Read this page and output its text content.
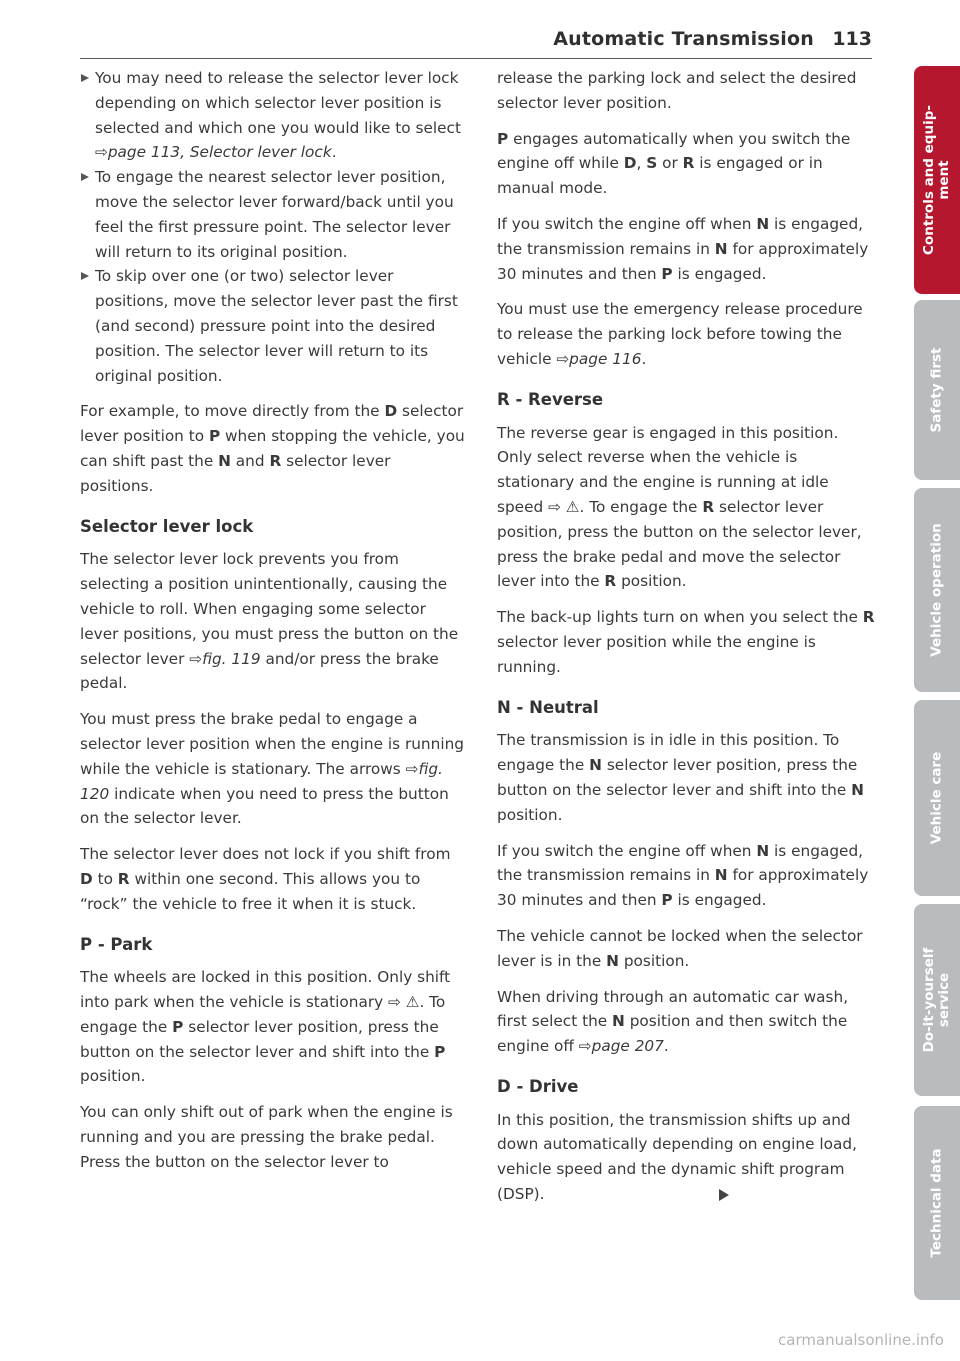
Automatic Transmission 113
You may need to release the selector lever lock depending on which selector lever position is selected and which one you would like to select ⇨page 113, Selector lever lock.
To engage the nearest selector lever position, move the selector lever forward/back until you feel the first pressure point. The selector lever will return to its original position.
To skip over one (or two) selector lever positions, move the selector lever past the first (and second) pressure point into the desired position. The selector lever will return to its original position.

For example, to move directly from the D selector lever position to P when stopping the vehicle, you can shift past the N and R selector lever positions.

Selector lever lock

The selector lever lock prevents you from selecting a position unintentionally, causing the vehicle to roll. When engaging some selector lever positions, you must press the button on the selector lever ⇨fig. 119 and/or press the brake pedal.

You must press the brake pedal to engage a selector lever position when the engine is running while the vehicle is stationary. The arrows ⇨fig. 120 indicate when you need to press the button on the selector lever.

The selector lever does not lock if you shift from D to R within one second. This allows you to “rock” the vehicle to free it when it is stuck.

P - Park

The wheels are locked in this position. Only shift into park when the vehicle is stationary ⇨ ⚠. To engage the P selector lever position, press the button on the selector lever and shift into the P position.

You can only shift out of park when the engine is running and you are pressing the brake pedal. Press the button on the selector lever to

release the parking lock and select the desired selector lever position.

P engages automatically when you switch the engine off while D, S or R is engaged or in manual mode.

If you switch the engine off when N is engaged, the transmission remains in N for approximately 30 minutes and then P is engaged.

You must use the emergency release procedure to release the parking lock before towing the vehicle ⇨page 116.

R - Reverse

The reverse gear is engaged in this position. Only select reverse when the vehicle is stationary and the engine is running at idle speed ⇨ ⚠. To engage the R selector lever position, press the button on the selector lever, press the brake pedal and move the selector lever into the R position.

The back-up lights turn on when you select the R selector lever position while the engine is running.

N - Neutral

The transmission is in idle in this position. To engage the N selector lever position, press the button on the selector lever and shift into the N position.

If you switch the engine off when N is engaged, the transmission remains in N for approximately 30 minutes and then P is engaged.

The vehicle cannot be locked when the selector lever is in the N position.

When driving through an automatic car wash, first select the N position and then switch the engine off ⇨page 207.

D - Drive

In this position, the transmission shifts up and down automatically depending on engine load, vehicle speed and the dynamic shift program (DSP).

Controls and equip-
ment
Safety first
Vehicle operation
Vehicle care
Do-it-yourself
service
Technical data
carmanualsonline.info
